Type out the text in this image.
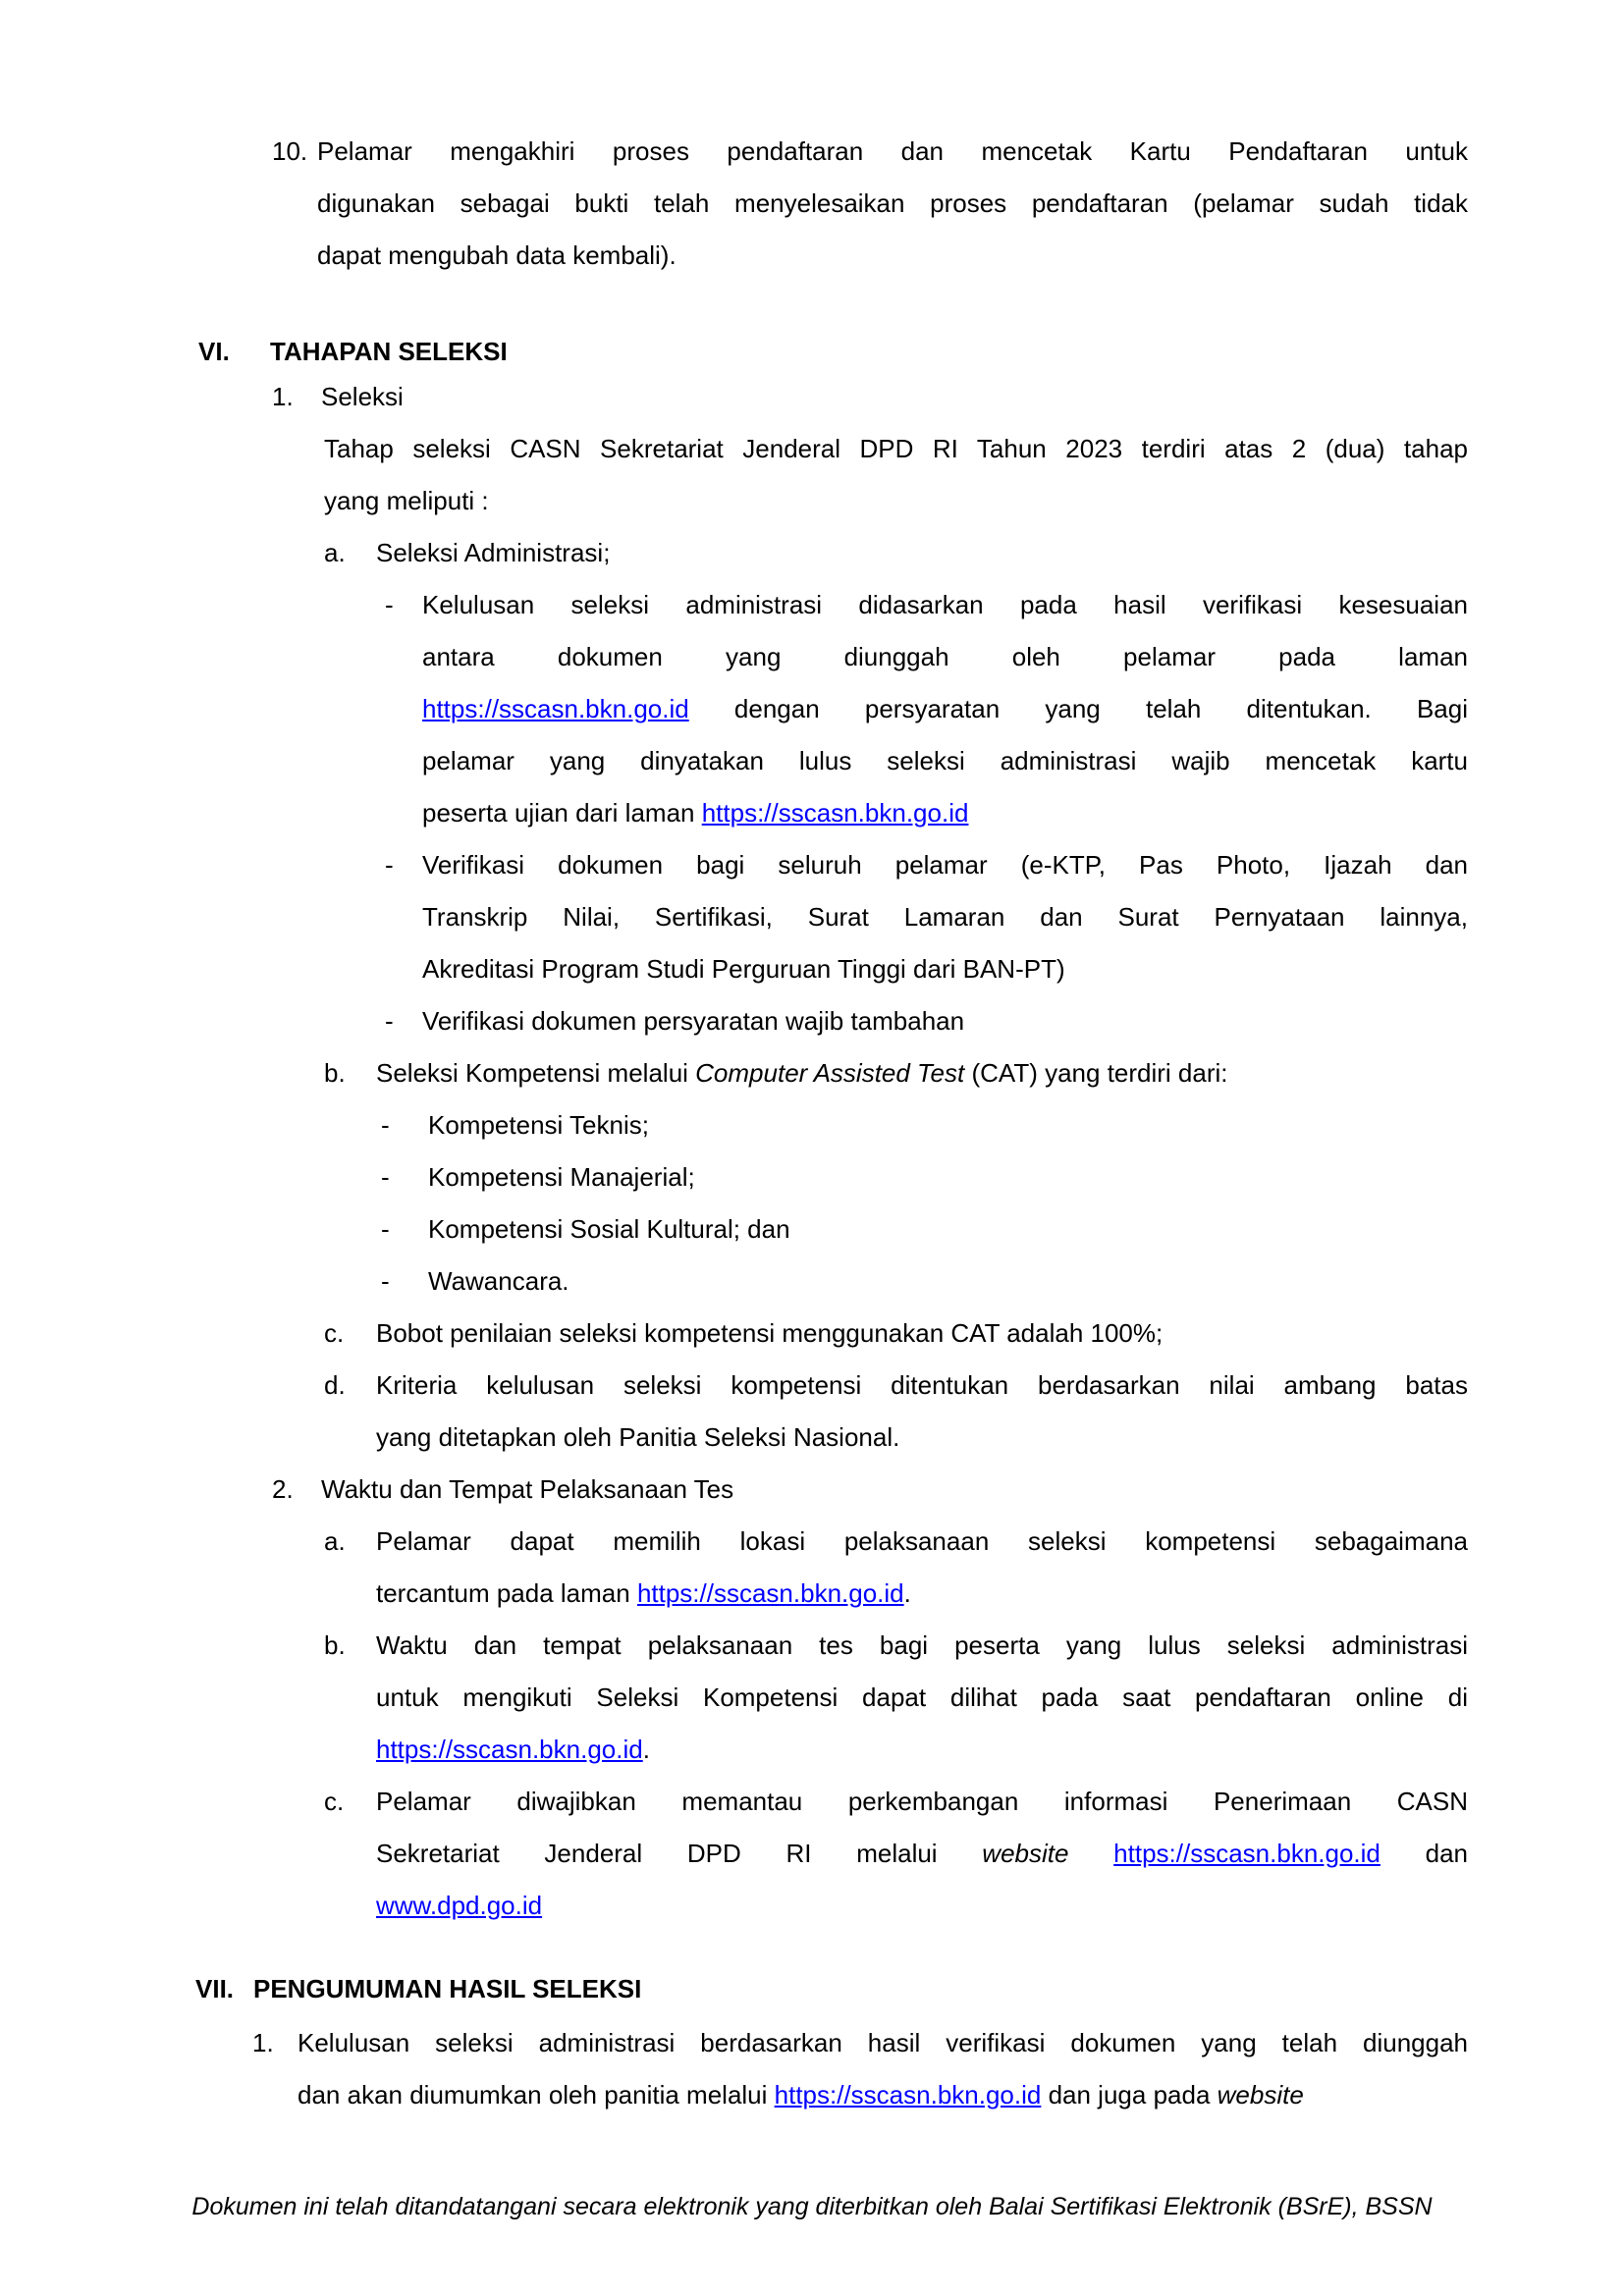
Pelamar mengakhiri proses pendaftaran dan mencetak Kartu Pendaftaran untuk
10.
digunakan sebagai bukti telah menyelesaikan proses pendaftaran (pelamar sudah tidak
dapat mengubah data kembali).
TAHAPAN SELEKSI
VI.
Seleksi
1.
Tahap seleksi CASN Sekretariat Jenderal DPD RI Tahun 2023 terdiri atas 2 (dua) tahap
yang meliputi :
Seleksi Administrasi;
a.
Kelulusan seleksi administrasi didasarkan pada hasil verifikasi kesesuaian
-
antara dokumen yang diunggah oleh pelamar pada laman
https://sscasn.bkn.go.id dengan persyaratan yang telah ditentukan. Bagi
pelamar yang dinyatakan lulus seleksi administrasi wajib mencetak kartu
peserta ujian dari laman https://sscasn.bkn.go.id
Verifikasi dokumen bagi seluruh pelamar (e-KTP, Pas Photo, Ijazah dan
-
Transkrip Nilai, Sertifikasi, Surat Lamaran dan Surat Pernyataan lainnya,
Akreditasi Program Studi Perguruan Tinggi dari BAN-PT)
Verifikasi dokumen persyaratan wajib tambahan
-
Seleksi Kompetensi melalui Computer Assisted Test (CAT) yang terdiri dari:
b.
Kompetensi Teknis;
-
Kompetensi Manajerial;
-
Kompetensi Sosial Kultural; dan
-
Wawancara.
-
Bobot penilaian seleksi kompetensi menggunakan CAT adalah 100%;
c.
Kriteria kelulusan seleksi kompetensi ditentukan berdasarkan nilai ambang batas
d.
yang ditetapkan oleh Panitia Seleksi Nasional.
Waktu dan Tempat Pelaksanaan Tes
2.
Pelamar dapat memilih lokasi pelaksanaan seleksi kompetensi sebagaimana
a.
tercantum pada laman https://sscasn.bkn.go.id.
Waktu dan tempat pelaksanaan tes bagi peserta yang lulus seleksi administrasi
b.
untuk mengikuti Seleksi Kompetensi dapat dilihat pada saat pendaftaran online di
https://sscasn.bkn.go.id.
Pelamar diwajibkan memantau perkembangan informasi Penerimaan CASN
c.
Sekretariat Jenderal DPD RI melalui website https://sscasn.bkn.go.id dan
www.dpd.go.id
PENGUMUMAN HASIL SELEKSI
VII.
Kelulusan seleksi administrasi berdasarkan hasil verifikasi dokumen yang telah diunggah
1.
dan akan diumumkan oleh panitia melalui https://sscasn.bkn.go.id dan juga pada website
Dokumen ini telah ditandatangani secara elektronik yang diterbitkan oleh Balai Sertifikasi Elektronik (BSrE), BSSN
